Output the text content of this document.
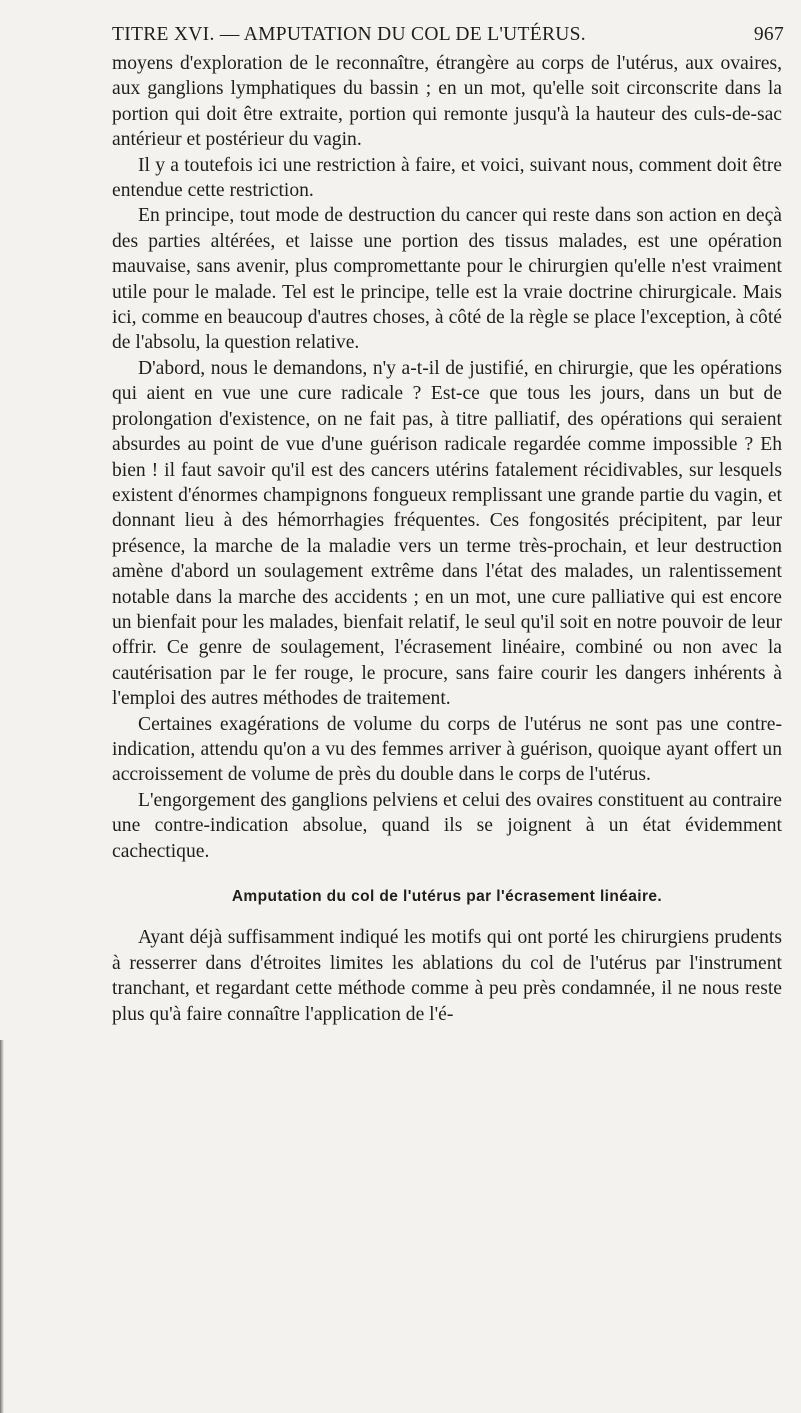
TITRE XVI. — AMPUTATION DU COL DE L'UTÉRUS.	967

moyens d'exploration de le reconnaître, étrangère au corps de l'utérus, aux ovaires, aux ganglions lymphatiques du bassin ; en un mot, qu'elle soit circonscrite dans la portion qui doit être extraite, portion qui remonte jusqu'à la hauteur des culs-de-sac antérieur et postérieur du vagin.

Il y a toutefois ici une restriction à faire, et voici, suivant nous, comment doit être entendue cette restriction.

En principe, tout mode de destruction du cancer qui reste dans son action en deçà des parties altérées, et laisse une portion des tissus malades, est une opération mauvaise, sans avenir, plus compromettante pour le chirurgien qu'elle n'est vraiment utile pour le malade. Tel est le principe, telle est la vraie doctrine chirurgicale. Mais ici, comme en beaucoup d'autres choses, à côté de la règle se place l'exception, à côté de l'absolu, la question relative.

D'abord, nous le demandons, n'y a-t-il de justifié, en chirurgie, que les opérations qui aient en vue une cure radicale ? Est-ce que tous les jours, dans un but de prolongation d'existence, on ne fait pas, à titre palliatif, des opérations qui seraient absurdes au point de vue d'une guérison radicale regardée comme impossible ? Eh bien ! il faut savoir qu'il est des cancers utérins fatalement récidivables, sur lesquels existent d'énormes champignons fongueux remplissant une grande partie du vagin, et donnant lieu à des hémorrhagies fréquentes. Ces fongosités précipitent, par leur présence, la marche de la maladie vers un terme très-prochain, et leur destruction amène d'abord un soulagement extrême dans l'état des malades, un ralentissement notable dans la marche des accidents ; en un mot, une cure palliative qui est encore un bienfait pour les malades, bienfait relatif, le seul qu'il soit en notre pouvoir de leur offrir. Ce genre de soulagement, l'écrasement linéaire, combiné ou non avec la cautérisation par le fer rouge, le procure, sans faire courir les dangers inhérents à l'emploi des autres méthodes de traitement.

Certaines exagérations de volume du corps de l'utérus ne sont pas une contre-indication, attendu qu'on a vu des femmes arriver à guérison, quoique ayant offert un accroissement de volume de près du double dans le corps de l'utérus.

L'engorgement des ganglions pelviens et celui des ovaires constituent au contraire une contre-indication absolue, quand ils se joignent à un état évidemment cachectique.

Amputation du col de l'utérus par l'écrasement linéaire.

Ayant déjà suffisamment indiqué les motifs qui ont porté les chirurgiens prudents à resserrer dans d'étroites limites les ablations du col de l'utérus par l'instrument tranchant, et regardant cette méthode comme à peu près condamnée, il ne nous reste plus qu'à faire connaître l'application de l'é-
